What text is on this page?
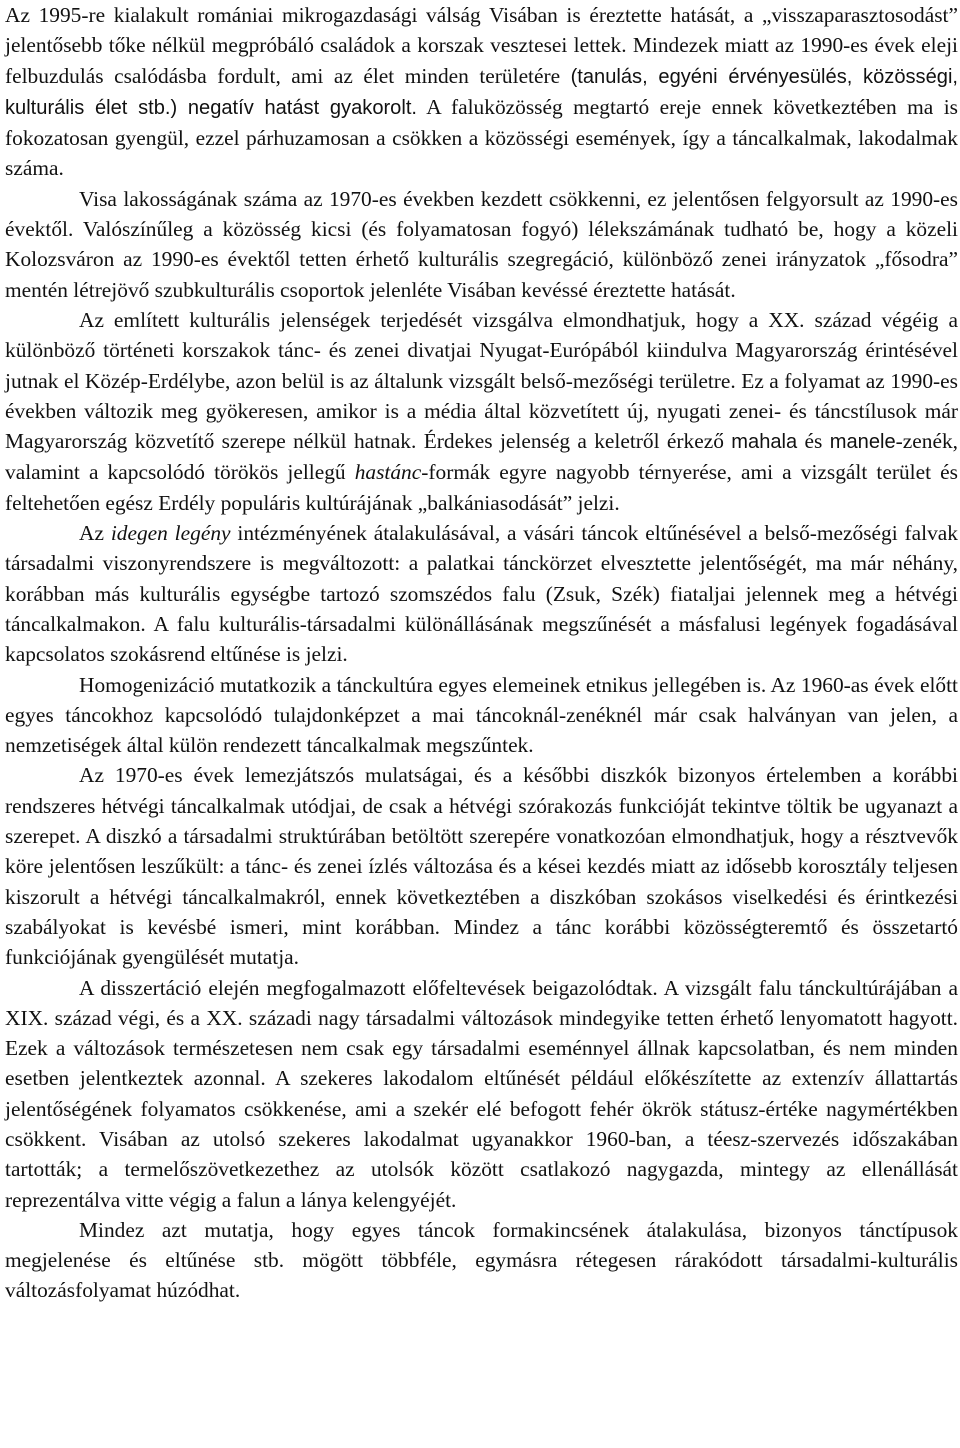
Az 1995-re kialakult romániai mikrogazdasági válság Visában is éreztette hatását, a „visszaparasztosodást” jelentősebb tőke nélkül megpróbáló családok a korszak vesztesei lettek. Mindezek miatt az 1990-es évek eleji felbuzdulás csalódásba fordult, ami az élet minden területére (tanulás, egyéni érvényesülés, közösségi, kulturális élet stb.) negatív hatást gyakorolt. A faluközösség megtartó ereje ennek következtében ma is fokozatosan gyengül, ezzel párhuzamosan a csökken a közösségi események, így a táncalkalmak, lakodalmak száma.

Visa lakosságának száma az 1970-es években kezdett csökkenni, ez jelentősen felgyorsult az 1990-es évektől. Valószínűleg a közösség kicsi (és folyamatosan fogyó) lélekszámának tudható be, hogy a közeli Kolozsváron az 1990-es évektől tetten érhető kulturális szegregáció, különböző zenei irányzatok „fősodra” mentén létrejövő szubkulturális csoportok jelenléte Visában kevéssé éreztette hatását.

Az említett kulturális jelenségek terjedését vizsgálva elmondhatjuk, hogy a XX. század végéig a különböző történeti korszakok tánc- és zenei divatjai Nyugat-Európából kiindulva Magyarország érintésével jutnak el Közép-Erdélybe, azon belül is az általunk vizsgált belső-mezőségi területre. Ez a folyamat az 1990-es években változik meg gyökeresen, amikor is a média által közvetített új, nyugati zenei- és táncstílusok már Magyarország közvetítő szerepe nélkül hatnak. Érdekes jelenség a keletről érkező mahala és manele-zenék, valamint a kapcsolódó törökös jellegű hastánc-formák egyre nagyobb térnyerése, ami a vizsgált terület és feltehetően egész Erdély populáris kultúrájának „balkániasodását” jelzi.

Az idegen legény intézményének átalakulásával, a vásári táncok eltűnésével a belső-mezőségi falvak társadalmi viszonyrendszere is megváltozott: a palatkai tánckörzet elvesztette jelentőségét, ma már néhány, korábban más kulturális egységbe tartozó szomszédos falu (Zsuk, Szék) fiataljai jelennek meg a hétvégi táncalkalmakon. A falu kulturális-társadalmi különállásának megszűnését a másfalusi legények fogadásával kapcsolatos szokásrend eltűnése is jelzi.

Homogenizáció mutatkozik a tánckultúra egyes elemeinek etnikus jellegében is. Az 1960-as évek előtt egyes táncokhoz kapcsolódó tulajdonképzet a mai táncoknál-zenéknél már csak halványan van jelen, a nemzetiségek által külön rendezett táncalkalmak megszűntek.

Az 1970-es évek lemezjátszós mulatságai, és a későbbi diszkók bizonyos értelemben a korábbi rendszeres hétvégi táncalkalmak utódjai, de csak a hétvégi szórakozás funkcióját tekintve töltik be ugyanazt a szerepet. A diszkó a társadalmi struktúrában betöltött szerepére vonatkozóan elmondhatjuk, hogy a résztvevők köre jelentősen leszűkült: a tánc- és zenei ízlés változása és a kései kezdés miatt az idősebb korosztály teljesen kiszorult a hétvégi táncalkalmakról, ennek következtében a diszkóban szokásos viselkedési és érintkezési szabályokat is kevésbé ismeri, mint korábban. Mindez a tánc korábbi közösségteremtő és összetartó funkciójának gyengülését mutatja.

A disszertáció elején megfogalmazott előfeltevések beigazolódtak. A vizsgált falu tánckultúrájában a XIX. század végi, és a XX. századi nagy társadalmi változások mindegyike tetten érhető lenyomatott hagyott. Ezek a változások természetesen nem csak egy társadalmi eseménnyel állnak kapcsolatban, és nem minden esetben jelentkeztek azonnal. A szekeres lakodalom eltűnését például előkészítette az extenzív állattartás jelentőségének folyamatos csökkenése, ami a szekér elé befogott fehér ökrök státusz-értéke nagymértékben csökkent. Visában az utolsó szekeres lakodalmat ugyanakkor 1960-ban, a téesz-szervezés időszakában tartották; a termelőszövetkezethez az utolsók között csatlakozó nagygazda, mintegy az ellenállását reprezentálva vitte végig a falun a lánya kelengyéjét.

Mindez azt mutatja, hogy egyes táncok formakincsének átalakulása, bizonyos tánctípusok megjelenése és eltűnése stb. mögött többféle, egymásra rétegesen rárakódott társadalmi-kulturális változásfolyamat húzódhat.
